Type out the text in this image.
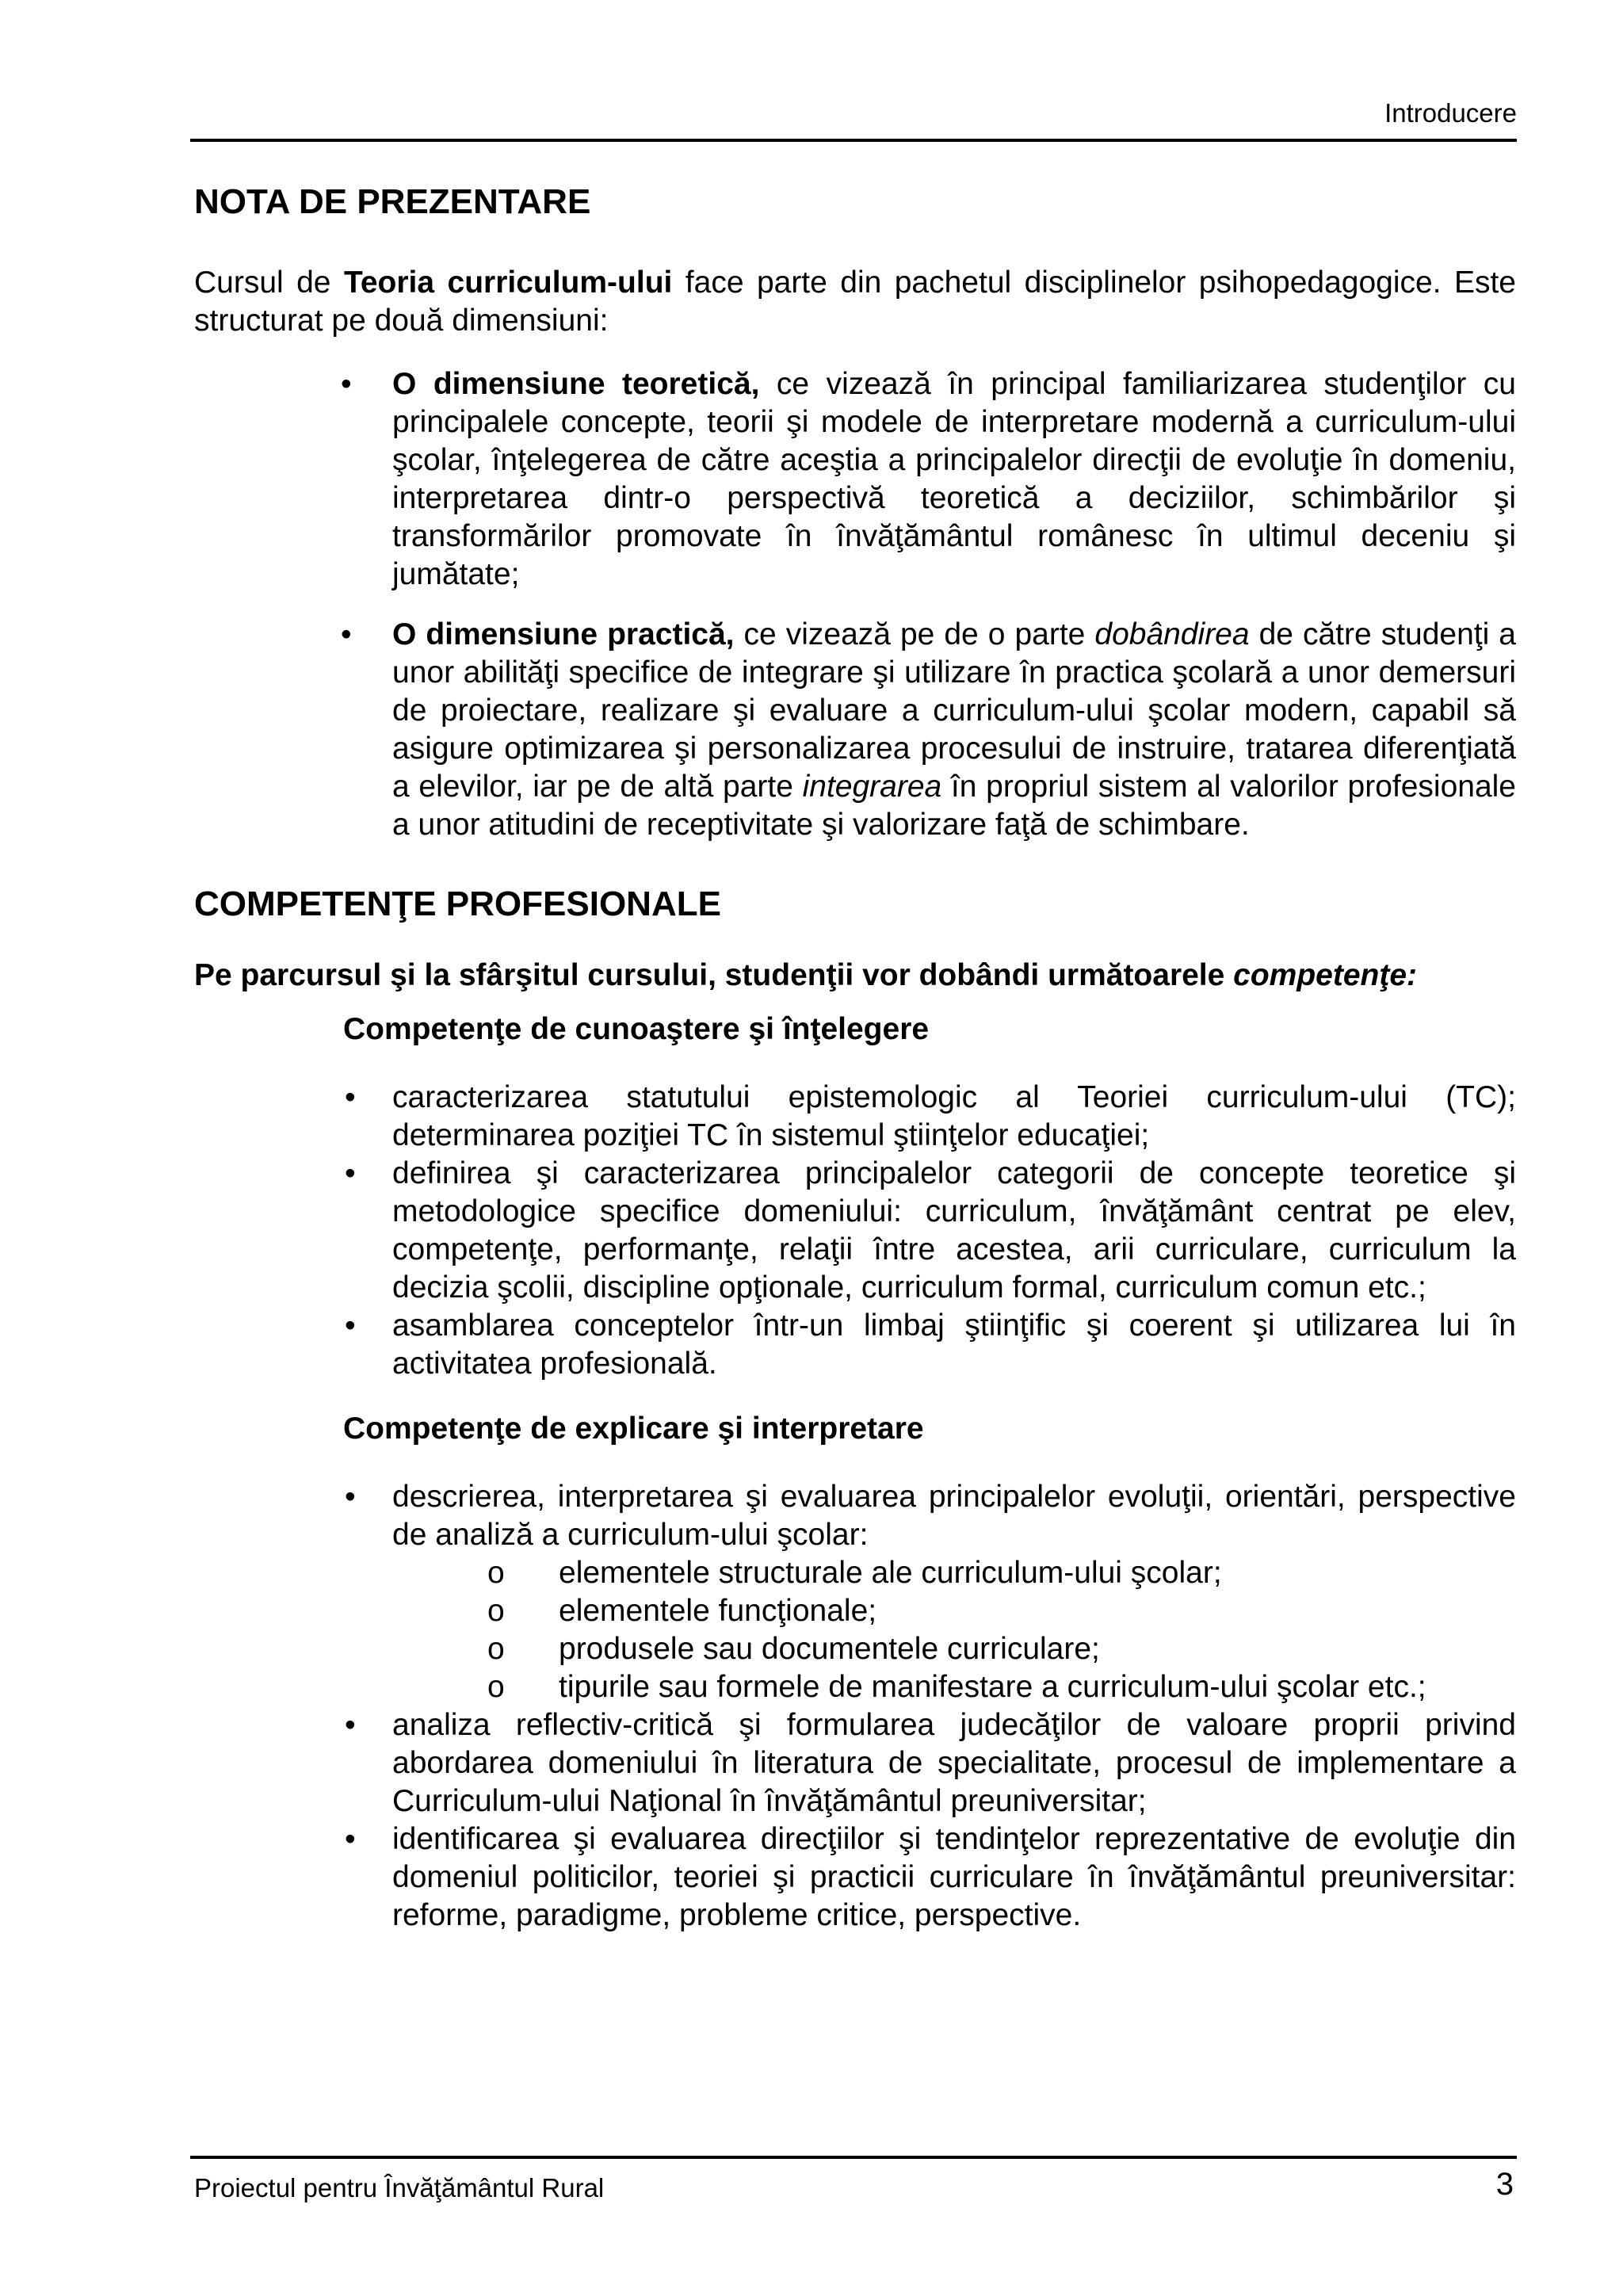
Introducere
NOTA DE PREZENTARE

Cursul de Teoria curriculum-ului face parte din pachetul disciplinelor psihopedagogice. Este structurat pe două dimensiuni:

• O dimensiune teoretică, ce vizează în principal familiarizarea studenţilor cu principalele concepte, teorii şi modele de interpretare modernă a curriculum-ului şcolar, înţelegerea de către aceştia a principalelor direcţii de evoluţie în domeniu, interpretarea dintr-o perspectivă teoretică a deciziilor, schimbărilor şi transformărilor promovate în învăţământul românesc în ultimul deceniu şi jumătate;
• O dimensiune practică, ce vizează pe de o parte dobândirea de către studenţi a unor abilităţi specifice de integrare şi utilizare în practica şcolară a unor demersuri de proiectare, realizare şi evaluare a curriculum-ului şcolar modern, capabil să asigure optimizarea şi personalizarea procesului de instruire, tratarea diferenţiată a elevilor, iar pe de altă parte integrarea în propriul sistem al valorilor profesionale a unor atitudini de receptivitate şi valorizare faţă de schimbare.
COMPETENŢE PROFESIONALE

Pe parcursul şi la sfârşitul cursului, studenţii vor dobândi următoarele competenţe:

Competenţe de cunoaştere şi înţelegere

• caracterizarea statutului epistemologic al Teoriei curriculum-ului (TC); determinarea poziţiei TC în sistemul ştiinţelor educaţiei;
• definirea şi caracterizarea principalelor categorii de concepte teoretice şi metodologice specifice domeniului: curriculum, învăţământ centrat pe elev, competenţe, performanţe, relaţii între acestea, arii curriculare, curriculum la decizia şcolii, discipline opţionale, curriculum formal, curriculum comun etc.;
• asamblarea conceptelor într-un limbaj ştiinţific şi coerent şi utilizarea lui în activitatea profesională.

Competenţe de explicare şi interpretare

• descrierea, interpretarea şi evaluarea principalelor evoluţii, orientări, perspective de analiză a curriculum-ului şcolar:
o elementele structurale ale curriculum-ului şcolar;
o elementele funcţionale;
o produsele sau documentele curriculare;
o tipurile sau formele de manifestare a curriculum-ului şcolar etc.;
• analiza reflectiv-critică şi formularea judecăţilor de valoare proprii privind abordarea domeniului în literatura de specialitate, procesul de implementare a Curriculum-ului Naţional în învăţământul preuniversitar;
• identificarea şi evaluarea direcţiilor şi tendinţelor reprezentative de evoluţie din domeniul politicilor, teoriei şi practicii curriculare în învăţământul preuniversitar: reforme, paradigme, probleme critice, perspective.
Proiectul pentru Învăţământul Rural	3
